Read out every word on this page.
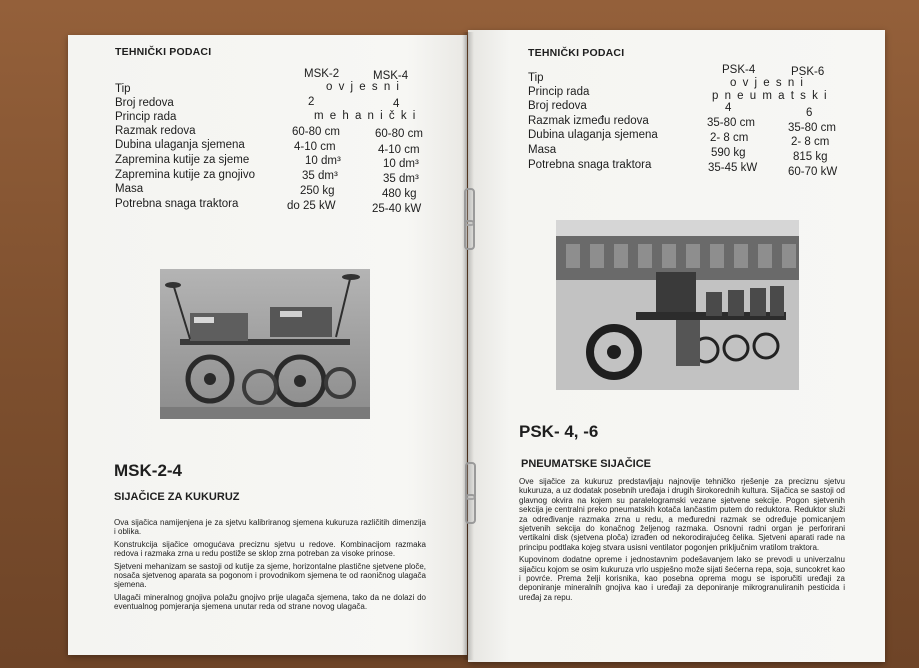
TEHNIČKI PODACI
MSK-2	MSK-4
Tip	o v j e s n i
Broj redova	2	4
Princip rada	m e h a n i č k i
Razmak redova	60-80 cm	60-80 cm
Dubina ulaganja sjemena	4-10 cm	4-10 cm
Zapremina kutije za sjeme	10 dm³	10 dm³
Zapremina kutije za gnojivo	35 dm³	35 dm³
Masa	250 kg	480 kg
Potrebna snaga traktora	do 25 kW	25-40 kW
MSK-2-4
SIJAČICE ZA KUKURUZ

Ova sijačica namijenjena je za sjetvu kalibriranog sjemena kukuruza različitih dimenzija i oblika.

Konstrukcija sijačice omogućava preciznu sjetvu u redove. Kombinacijom razmaka redova i razmaka zrna u redu postiže se sklop zrna potreban za visoke prinose.

Sjetveni mehanizam se sastoji od kutije za sjeme, horizontalne plastične sjetvene ploče, nosača sjetvenog aparata sa pogonom i provodnikom sjemena te od raoničnog ulagača sjemena.

Ulagači mineralnog gnojiva polažu gnojivo prije ulagača sjemena, tako da ne dolazi do eventualnog pomjeranja sjemena unutar reda od strane novog ulagača.

TEHNIČKI PODACI
PSK-4	PSK-6
Tip	o v j e s n i
Princip rada	p n e u m a t s k i
Broj redova	4	6
Razmak između redova	35-80 cm	35-80 cm
Dubina ulaganja sjemena	2- 8 cm	2- 8 cm
Masa	590 kg	815 kg
Potrebna snaga traktora	35-45 kW	60-70 kW
PSK- 4, -6
PNEUMATSKE SIJAČICE

Ove sijačice za kukuruz predstavljaju najnovije tehničko rješenje za preciznu sjetvu kukuruza, a uz dodatak posebnih uređaja i drugih širokorednih kultura. Sijačica se sastoji od glavnog okvira na kojem su paralelogramski vezane sjetvene sekcije. Pogon sjetvenih sekcija je centralni preko pneumatskih kotača lančastim putem do reduktora. Reduktor služi za određivanje razmaka zrna u redu, a međuredni razmak se određuje pomicanjem sjetvenih sekcija do konačnog željenog razmaka. Osnovni radni organ je perforirani vertikalni disk (sjetvena ploča) izrađen od nekorodirajućeg čelika. Sjetveni aparati rade na principu podtlaka kojeg stvara usisni ventilator pogonjen priključnim vratilom traktora.

Kupovinom dodatne opreme i jednostavnim podešavanjem lako se prevodi u univerzalnu sijačicu kojom se osim kukuruza vrlo uspješno može sijati šećerna repa, soja, suncokret kao i povrće. Prema želji korisnika, kao posebna oprema mogu se isporučiti uređaji za deponiranje mineralnih gnojiva kao i uređaji za deponiranje mikrogranuliranih pesticida i uređaj za repu.
